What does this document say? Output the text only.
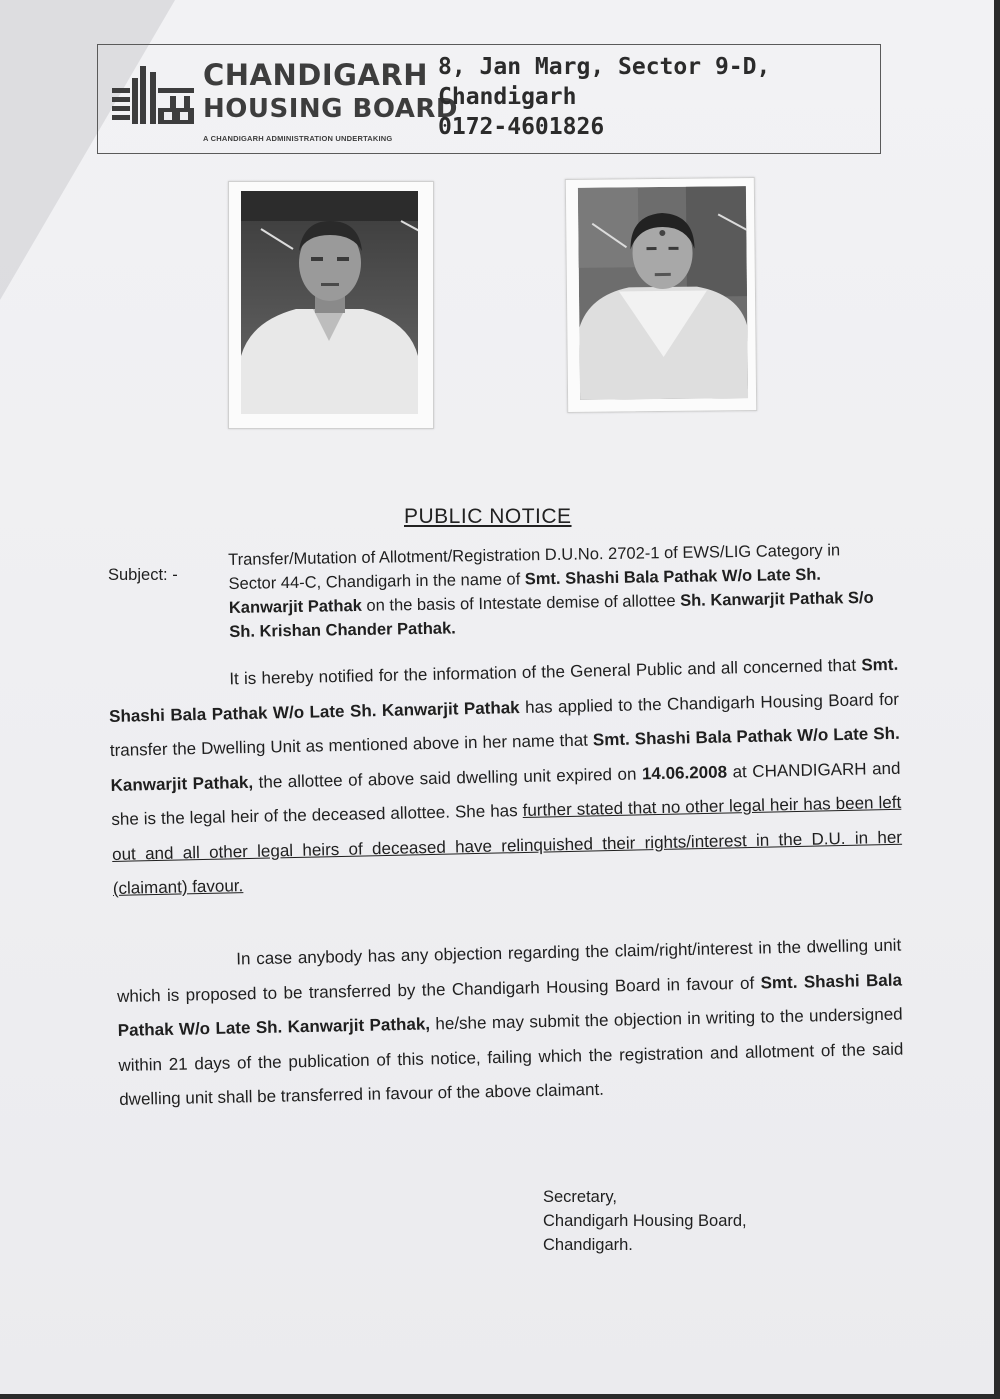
CHANDIGARH
HOUSING BOARD
A CHANDIGARH ADMINISTRATION UNDERTAKING
8, Jan Marg, Sector 9-D,
Chandigarh
0172-4601826
PUBLIC NOTICE
Subject: -
Transfer/Mutation of Allotment/Registration D.U.No. 2702-1 of EWS/LIG Category in Sector 44-C, Chandigarh in the name of Smt. Shashi Bala Pathak W/o Late Sh. Kanwarjit Pathak on the basis of Intestate demise of allottee Sh. Kanwarjit Pathak S/o Sh. Krishan Chander Pathak.
It is hereby notified for the information of the General Public and all concerned that Smt. Shashi Bala Pathak W/o Late Sh. Kanwarjit Pathak has applied to the Chandigarh Housing Board for transfer the Dwelling Unit as mentioned above in her name that Smt. Shashi Bala Pathak W/o Late Sh. Kanwarjit Pathak, the allottee of above said dwelling unit expired on 14.06.2008 at CHANDIGARH and she is the legal heir of the deceased allottee. She has further stated that no other legal heir has been left out and all other legal heirs of deceased have relinquished their rights/interest in the D.U. in her (claimant) favour.
In case anybody has any objection regarding the claim/right/interest in the dwelling unit which is proposed to be transferred by the Chandigarh Housing Board in favour of Smt. Shashi Bala Pathak W/o Late Sh. Kanwarjit Pathak, he/she may submit the objection in writing to the undersigned within 21 days of the publication of this notice, failing which the registration and allotment of the said dwelling unit shall be transferred in favour of the above claimant.
Secretary,
Chandigarh Housing Board,
Chandigarh.
